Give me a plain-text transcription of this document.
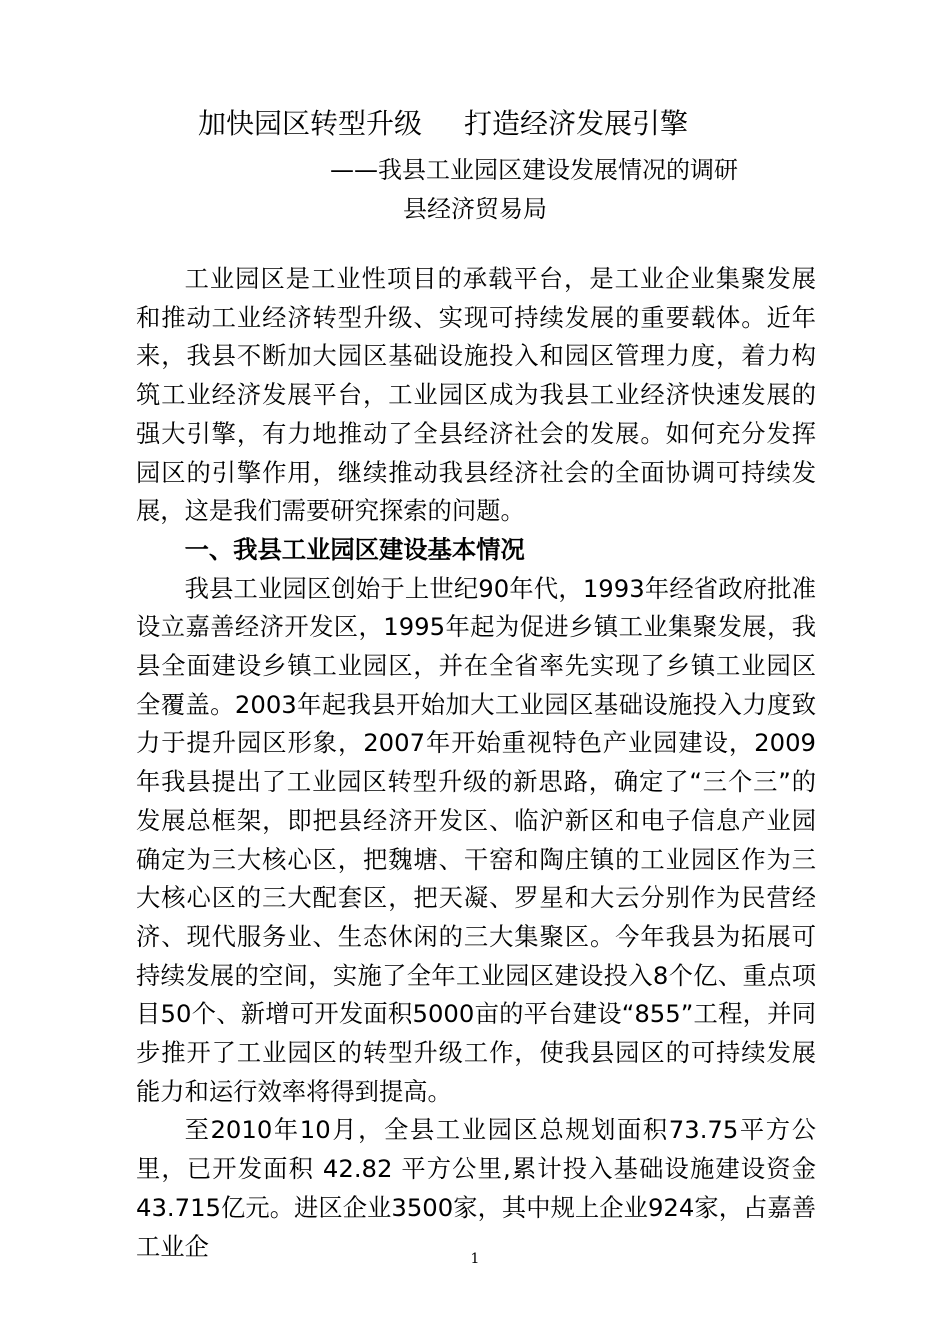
加快园区转型升级 打造经济发展引擎
——我县工业园区建设发展情况的调研
县经济贸易局

工业园区是工业性项目的承载平台，是工业企业集聚发展和推动工业经济转型升级、实现可持续发展的重要载体。近年来，我县不断加大园区基础设施投入和园区管理力度，着力构筑工业经济发展平台，工业园区成为我县工业经济快速发展的强大引擎，有力地推动了全县经济社会的发展。如何充分发挥园区的引擎作用，继续推动我县经济社会的全面协调可持续发展，这是我们需要研究探索的问题。

一、我县工业园区建设基本情况

我县工业园区创始于上世纪90年代，1993年经省政府批准设立嘉善经济开发区，1995年起为促进乡镇工业集聚发展，我县全面建设乡镇工业园区，并在全省率先实现了乡镇工业园区全覆盖。2003年起我县开始加大工业园区基础设施投入力度致力于提升园区形象，2007年开始重视特色产业园建设，2009年我县提出了工业园区转型升级的新思路，确定了“三个三”的发展总框架，即把县经济开发区、临沪新区和电子信息产业园确定为三大核心区，把魏塘、干窑和陶庄镇的工业园区作为三大核心区的三大配套区，把天凝、罗星和大云分别作为民营经济、现代服务业、生态休闲的三大集聚区。今年我县为拓展可持续发展的空间，实施了全年工业园区建设投入8个亿、重点项目50个、新增可开发面积5000亩的平台建设“855”工程，并同步推开了工业园区的转型升级工作，使我县园区的可持续发展能力和运行效率将得到提高。

至2010年10月，全县工业园区总规划面积73.75平方公里，已开发面积 42.82 平方公里,累计投入基础设施建设资金 43.715亿元。进区企业3500家，其中规上企业924家，占嘉善工业企	1
